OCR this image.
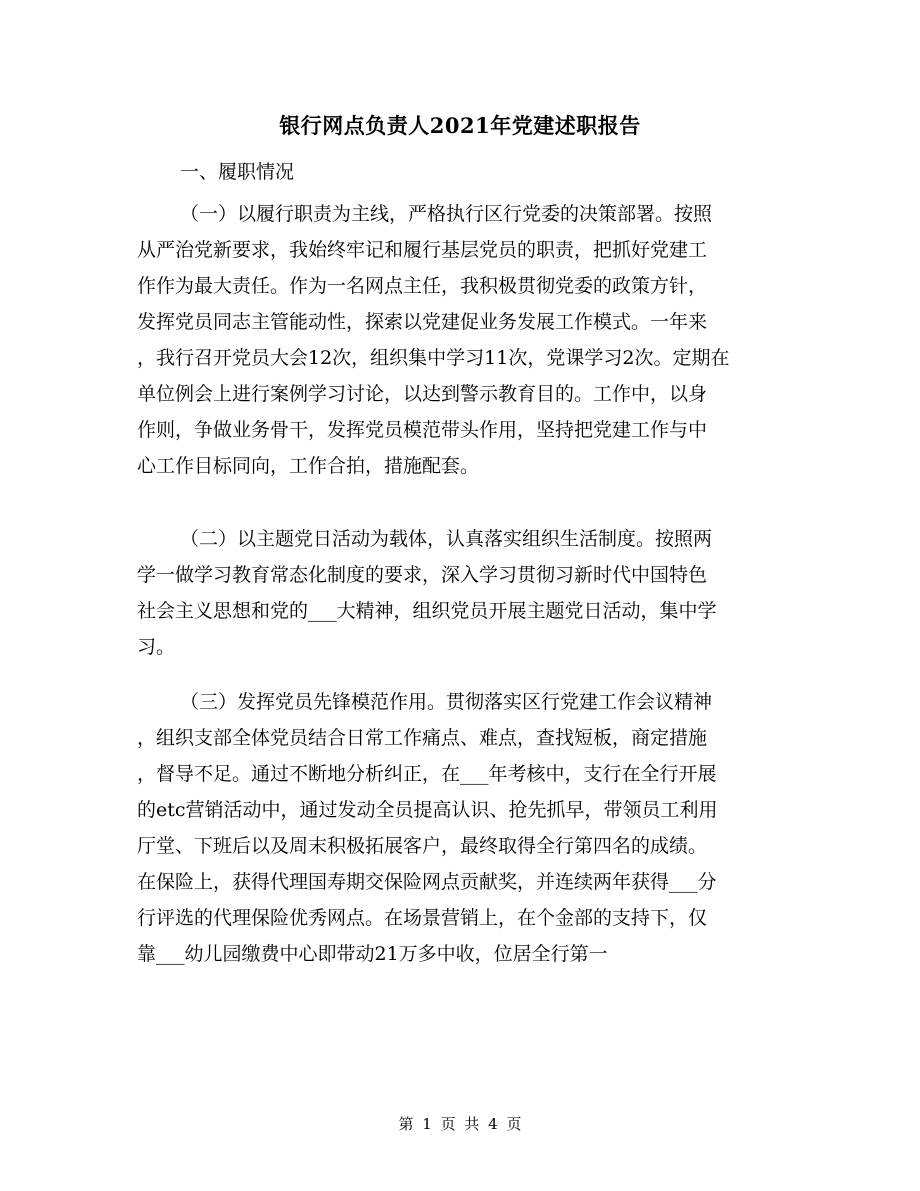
银行网点负责人2021年党建述职报告
一、履职情况
（一）以履行职责为主线，严格执行区行党委的决策部署。按照
从严治党新要求，我始终牢记和履行基层党员的职责，把抓好党建工
作作为最大责任。作为一名网点主任，我积极贯彻党委的政策方针，
发挥党员同志主管能动性，探索以党建促业务发展工作模式。一年来
，我行召开党员大会12次，组织集中学习11次，党课学习2次。定期在
单位例会上进行案例学习讨论，以达到警示教育目的。工作中，以身
作则，争做业务骨干，发挥党员模范带头作用，坚持把党建工作与中
心工作目标同向，工作合拍，措施配套。
（二）以主题党日活动为载体，认真落实组织生活制度。按照两
学一做学习教育常态化制度的要求，深入学习贯彻习新时代中国特色
社会主义思想和党的___大精神，组织党员开展主题党日活动，集中学
习。
（三）发挥党员先锋模范作用。贯彻落实区行党建工作会议精神
，组织支部全体党员结合日常工作痛点、难点，查找短板，商定措施
，督导不足。通过不断地分析纠正，在___年考核中，支行在全行开展
的etc营销活动中，通过发动全员提高认识、抢先抓早，带领员工利用
厅堂、下班后以及周末积极拓展客户，最终取得全行第四名的成绩。
在保险上，获得代理国寿期交保险网点贡献奖，并连续两年获得___分
行评选的代理保险优秀网点。在场景营销上，在个金部的支持下，仅
靠___幼儿园缴费中心即带动21万多中收，位居全行第一
第 1 页 共 4 页
